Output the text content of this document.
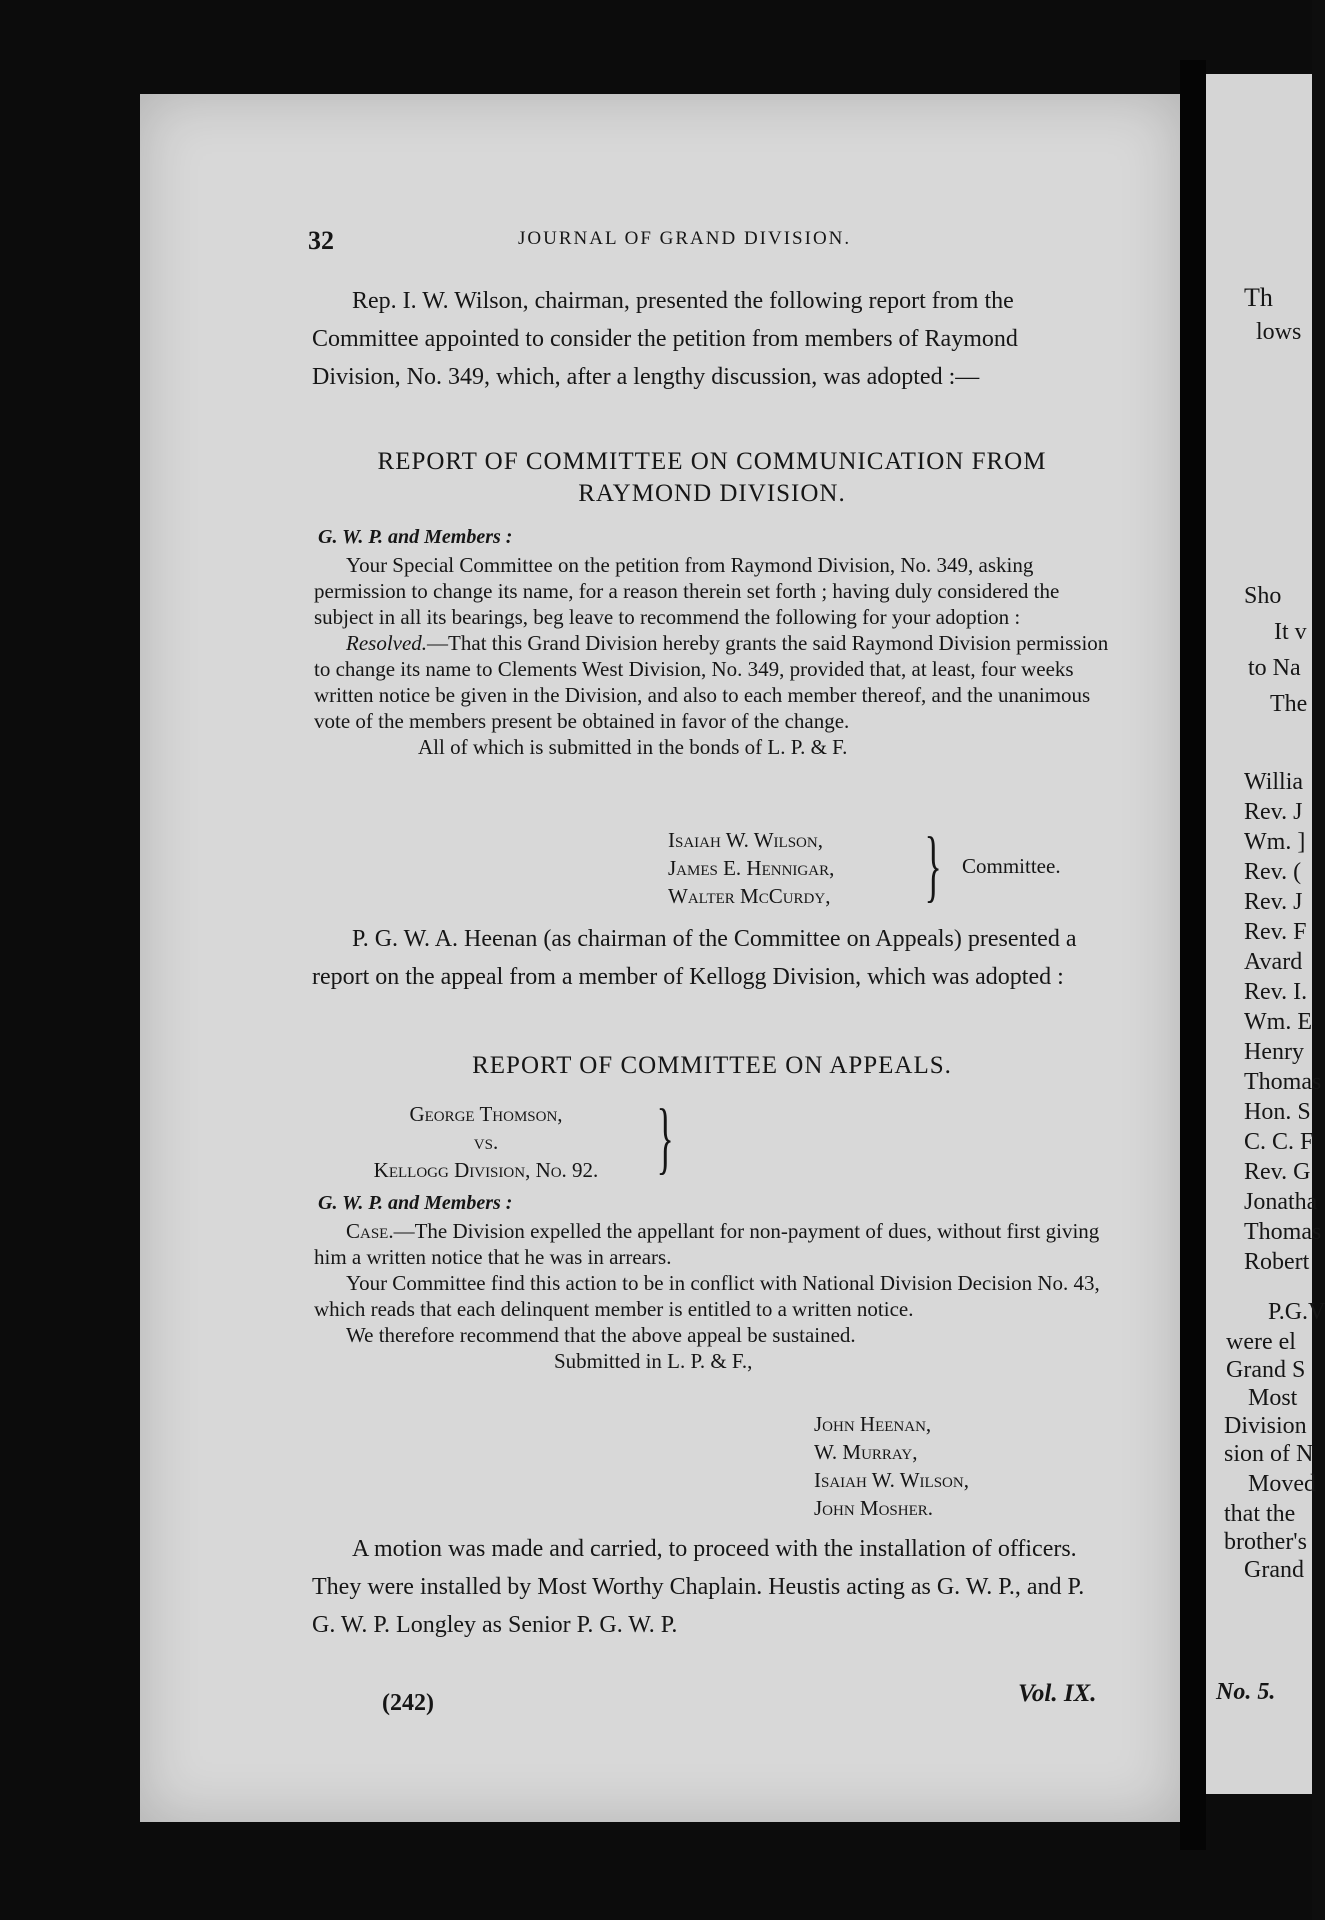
Th
lows
Sho
It v
to Na
The
Willia
Rev. J
Wm. ]
Rev. (
Rev. J
Rev. F
Avard
Rev. I.
Wm. E
Henry
Thomas
Hon. S
C. C. F
Rev. G
Jonatha
Thomas
Robert
P.G.V
were el
Grand S
Most
Division
sion of N
Moved
that the
brother's
Grand
No. 5.
32	JOURNAL OF GRAND DIVISION.

Rep. I. W. Wilson, chairman, presented the following report from the Committee appointed to consider the petition from members of Raymond Division, No. 349, which, after a lengthy discussion, was adopted :—

REPORT OF COMMITTEE ON COMMUNICATION FROM
RAYMOND DIVISION.
G. W. P. and Members :

Your Special Committee on the petition from Raymond Division, No. 349, asking permission to change its name, for a reason therein set forth ; having duly considered the subject in all its bearings, beg leave to recommend the following for your adoption :

Resolved.—That this Grand Division hereby grants the said Raymond Division permission to change its name to Clements West Division, No. 349, provided that, at least, four weeks written notice be given in the Division, and also to each member thereof, and the unanimous vote of the members present be obtained in favor of the change.

All of which is submitted in the bonds of L. P. & F.

Isaiah W. Wilson,
James E. Hennigar,
Walter McCurdy, } Committee.

P. G. W. A. Heenan (as chairman of the Committee on Appeals) presented a report on the appeal from a member of Kellogg Division, which was adopted :

REPORT OF COMMITTEE ON APPEALS.
George Thomson,
vs.
Kellogg Division, No. 92. }
G. W. P. and Members :

Case.—The Division expelled the appellant for non-payment of dues, without first giving him a written notice that he was in arrears.

Your Committee find this action to be in conflict with National Division Decision No. 43, which reads that each delinquent member is entitled to a written notice.

We therefore recommend that the above appeal be sustained.

Submitted in L. P. & F.,

John Heenan,
W. Murray,
Isaiah W. Wilson,
John Mosher.

A motion was made and carried, to proceed with the installation of officers. They were installed by Most Worthy Chaplain. Heustis acting as G. W. P., and P. G. W. P. Longley as Senior P. G. W. P.

(242)	Vol. IX.
